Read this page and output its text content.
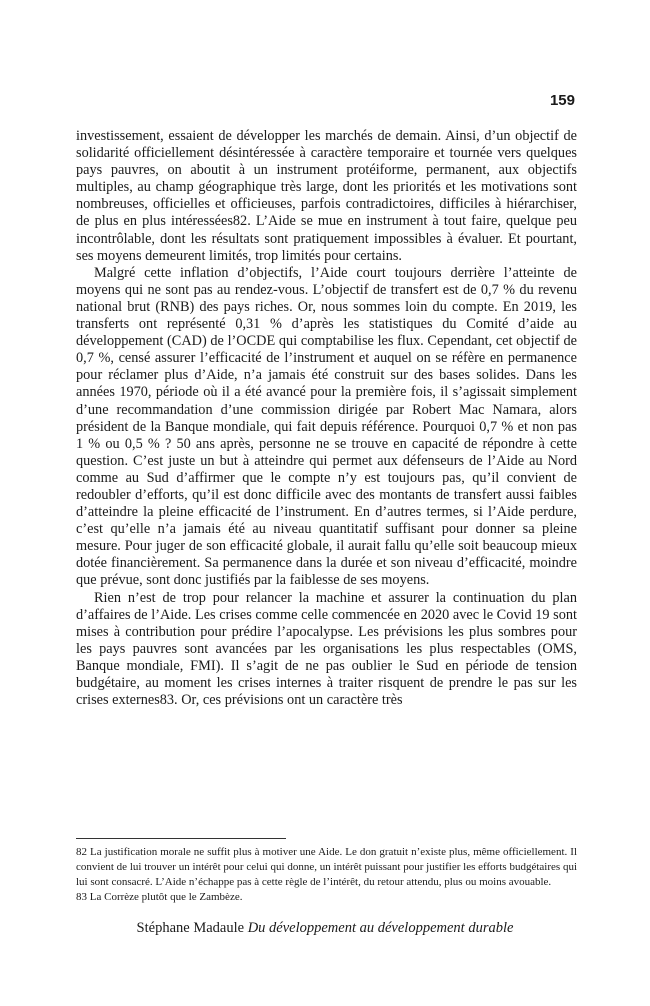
159

investissement, essaient de développer les marchés de demain. Ainsi, d’un objectif de solidarité officiellement désintéressée à caractère temporaire et tournée vers quelques pays pauvres, on aboutit à un instrument protéiforme, permanent, aux objectifs multiples, au champ géographique très large, dont les priorités et les motivations sont nombreuses, officielles et officieuses, parfois contradictoires, difficiles à hiérarchiser, de plus en plus intéressées82. L’Aide se mue en instrument à tout faire, quelque peu incontrôlable, dont les résultats sont pratiquement impossibles à évaluer. Et pourtant, ses moyens demeurent limités, trop limités pour certains.

Malgré cette inflation d’objectifs, l’Aide court toujours derrière l’atteinte de moyens qui ne sont pas au rendez-vous. L’objectif de transfert est de 0,7 % du revenu national brut (RNB) des pays riches. Or, nous sommes loin du compte. En 2019, les transferts ont représenté 0,31 % d’après les statistiques du Comité d’aide au développement (CAD) de l’OCDE qui comptabilise les flux. Cependant, cet objectif de 0,7 %, censé assurer l’efficacité de l’instrument et auquel on se réfère en permanence pour réclamer plus d’Aide, n’a jamais été construit sur des bases solides. Dans les années 1970, période où il a été avancé pour la première fois, il s’agissait simplement d’une recommandation d’une commission dirigée par Robert Mac Namara, alors président de la Banque mondiale, qui fait depuis référence. Pourquoi 0,7 % et non pas 1 % ou 0,5 % ? 50 ans après, personne ne se trouve en capacité de répondre à cette question. C’est juste un but à atteindre qui permet aux défenseurs de l’Aide au Nord comme au Sud d’affirmer que le compte n’y est toujours pas, qu’il convient de redoubler d’efforts, qu’il est donc difficile avec des montants de transfert aussi faibles d’atteindre la pleine efficacité de l’instrument. En d’autres termes, si l’Aide perdure, c’est qu’elle n’a jamais été au niveau quantitatif suffisant pour donner sa pleine mesure. Pour juger de son efficacité globale, il aurait fallu qu’elle soit beaucoup mieux dotée financièrement. Sa permanence dans la durée et son niveau d’efficacité, moindre que prévue, sont donc justifiés par la faiblesse de ses moyens.

Rien n’est de trop pour relancer la machine et assurer la continuation du plan d’affaires de l’Aide. Les crises comme celle commencée en 2020 avec le Covid 19 sont mises à contribution pour prédire l’apocalypse. Les prévisions les plus sombres pour les pays pauvres sont avancées par les organisations les plus respectables (OMS, Banque mondiale, FMI). Il s’agit de ne pas oublier le Sud en période de tension budgétaire, au moment les crises internes à traiter risquent de prendre le pas sur les crises externes83. Or, ces prévisions ont un caractère très

82 La justification morale ne suffit plus à motiver une Aide. Le don gratuit n’existe plus, même officiellement. Il convient de lui trouver un intérêt pour celui qui donne, un intérêt puissant pour justifier les efforts budgétaires qui lui sont consacré. L’Aide n’échappe pas à cette règle de l’intérêt, du retour attendu, plus ou moins avouable.

83 La Corrèze plutôt que le Zambèze.

Stéphane Madaule Du développement au développement durable
